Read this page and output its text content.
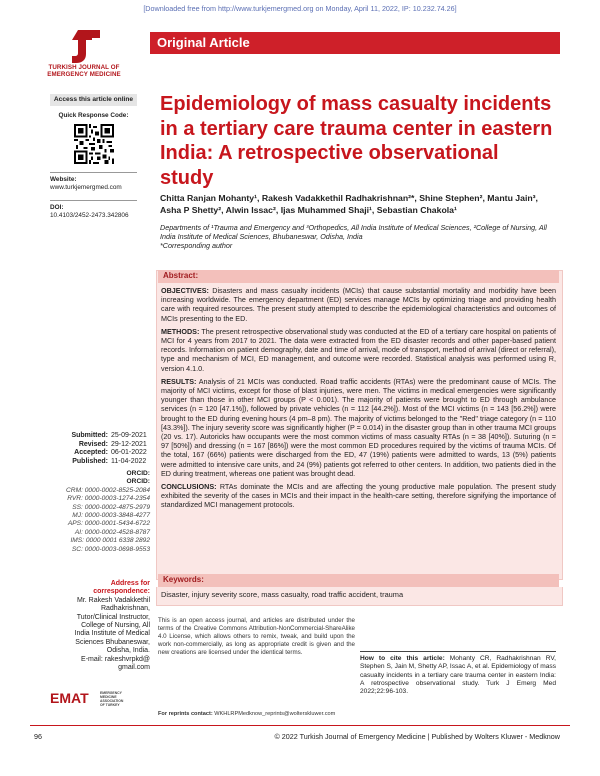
[Downloaded free from http://www.turkjemergmed.org on Monday, April 11, 2022, IP: 10.232.74.26]
TURKISH JOURNAL OF
EMERGENCY MEDICINE
Original Article
Access this article online
Quick Response Code:
Website:
www.turkjemergmed.com
DOI:
10.4103/2452-2473.342806
Epidemiology of mass casualty incidents in a tertiary care trauma center in eastern India: A retrospective observational study
Chitta Ranjan Mohanty¹, Rakesh Vadakkethil Radhakrishnan²*, Shine Stephen², Mantu Jain³, Asha P Shetty², Alwin Issac², Ijas Muhammed Shaji¹, Sebastian Chakola¹
Departments of ¹Trauma and Emergency and ³Orthopedics, All India Institute of Medical Sciences, ²College of Nursing, All India Institute of Medical Sciences, Bhubaneswar, Odisha, India
*Corresponding author
Abstract:

OBJECTIVES: Disasters and mass casualty incidents (MCIs) that cause substantial mortality and morbidity have been increasing worldwide. The emergency department (ED) services manage MCIs by optimizing triage and providing health care with required resources. The present study attempted to describe the epidemiological characteristics and outcomes of MCIs presenting to the ED.

METHODS: The present retrospective observational study was conducted at the ED of a tertiary care hospital on patients of MCI for 4 years from 2017 to 2021. The data were extracted from the ED disaster records and other paper-based patient records. Information on patient demography, date and time of arrival, mode of transport, method of arrival (direct or referral), type and mechanism of MCI, ED management, and outcome were recorded. Statistical analysis was performed using R, version 4.1.0.

RESULTS: Analysis of 21 MCIs was conducted. Road traffic accidents (RTAs) were the predominant cause of MCIs. The majority of MCI victims, except for those of blast injuries, were men. The victims in medical emergencies were significantly younger than those in other MCI groups (P < 0.001). The majority of patients were brought to ED through ambulance services (n = 120 [47.1%]), followed by private vehicles (n = 112 [44.2%]). Most of the MCI victims (n = 143 [56.2%]) were brought to the ED during evening hours (4 pm–8 pm). The majority of victims belonged to the "Red" triage category (n = 110 [43.3%]). The injury severity score was significantly higher (P = 0.014) in the disaster group than in other trauma MCI groups (20 vs. 17). Autoricks haw occupants were the most common victims of mass casualty RTAs (n = 38 [40%]). Suturing (n = 97 [50%]) and dressing (n = 167 [86%]) were the most common ED procedures required by the victims of trauma MCIs. Of the total, 167 (66%) patients were discharged from the ED, 47 (19%) patients were admitted to wards, 13 (5%) patients were admitted to intensive care units, and 24 (9%) patients got referred to other centers. In addition, two patients died in the ED during treatment, whereas one patient was brought dead.

CONCLUSIONS: RTAs dominate the MCIs and are affecting the young productive male population. The present study exhibited the severity of the cases in MCIs and their impact in the health-care setting, therefore signifying the importance of standardized MCI management protocols.

Keywords:
Disaster, injury severity score, mass casualty, road traffic accident, trauma
Submitted: 25-09-2021
Revised: 29-12-2021
Accepted: 06-01-2022
Published: 11-04-2022
ORCID:
ORCID:
CRM: 0000-0002-8525-2084
RVR: 0000-0003-1274-2354
SS: 0000-0002-4875-2979
MJ: 0000-0003-3848-4277
APS: 0000-0001-5434-6722
AI: 0000-0002-4528-8787
IMS: 0000 0001 6338 2892
SC: 0000-0003-0698-9553
Address for
correspondence:
Mr. Rakesh Vadakkethil
Radhakrishnan,
Tutor/Clinical Instructor,
College of Nursing, All
India Institute of Medical
Sciences Bhubaneswar,
Odisha, India.
E-mail: rakeshvrpkd@
gmail.com
EMAT	EMERGENCY
MEDICINE
ASSOCIATION
OF TURKEY
This is an open access journal, and articles are distributed under the terms of the Creative Commons Attribution-NonCommercial-ShareAlike 4.0 License, which allows others to remix, tweak, and build upon the work non-commercially, as long as appropriate credit is given and the new creations are licensed under the identical terms.
For reprints contact: WKHLRPMedknow_reprints@wolterskluwer.com
How to cite this article: Mohanty CR, Radhakrishnan RV, Stephen S, Jain M, Shetty AP, Issac A, et al. Epidemiology of mass casualty incidents in a tertiary care trauma center in eastern India: A retrospective observational study. Turk J Emerg Med 2022;22:96-103.
96	© 2022 Turkish Journal of Emergency Medicine | Published by Wolters Kluwer - Medknow
